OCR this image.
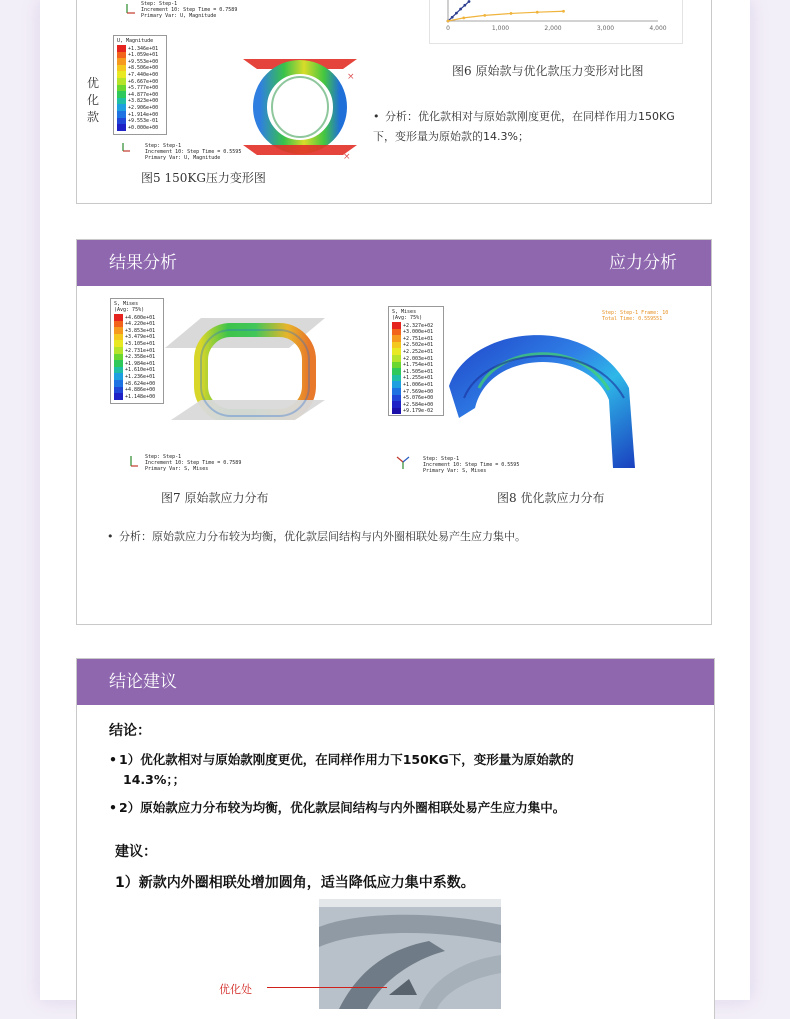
Step: Step-1
Increment 10: Step Time = 0.7589
Primary Var: U, Magnitude
优化款
U, Magnitude
+1.346e+01
+1.059e+01
+9.553e+00
+8.506e+00
+7.440e+00
+6.667e+00
+5.777e+00
+4.877e+00
+3.823e+00
+2.906e+00
+1.914e+00
+9.553e-01
+0.000e+00
×
×
Step: Step-1
Increment 10: Step Time = 0.5595
Primary Var: U, Magnitude
图5 150KG压力变形图
0	1,000	2,000	3,000	4,000
图6 原始款与优化款压力变形对比图
• 分析：优化款相对与原始款刚度更优，在同样作用力150KG下，变形量为原始款的14.3%；
结果分析	应力分析
S, Mises
(Avg: 75%)
+4.600e+01
+4.220e+01
+3.853e+01
+3.479e+01
+3.105e+01
+2.731e+01
+2.358e+01
+1.984e+01
+1.610e+01
+1.236e+01
+8.624e+00
+4.886e+00
+1.148e+00
Step: Step-1
Increment 10: Step Time = 0.7589
Primary Var: S, Mises
图7 原始款应力分布
S, Mises
(Avg: 75%)
+2.327e+02
+3.000e+01
+2.751e+01
+2.502e+01
+2.252e+01
+2.003e+01
+1.754e+01
+1.505e+01
+1.255e+01
+1.006e+01
+7.569e+00
+5.076e+00
+2.584e+00
+9.179e-02
Step: Step-1 Frame: 10
Total Time: 0.559551
Step: Step-1
Increment 10: Step Time = 0.5595
Primary Var: S, Mises
图8 优化款应力分布
• 分析：原始款应力分布较为均衡，优化款层间结构与内外圈相联处易产生应力集中。
结论建议
结论：
• 1）优化款相对与原始款刚度更优，在同样作用力下150KG下，变形量为原始款的
14.3%；；
• 2）原始款应力分布较为均衡，优化款层间结构与内外圈相联处易产生应力集中。
建议：
1）新款内外圈相联处增加圆角，适当降低应力集中系数。
优化处
